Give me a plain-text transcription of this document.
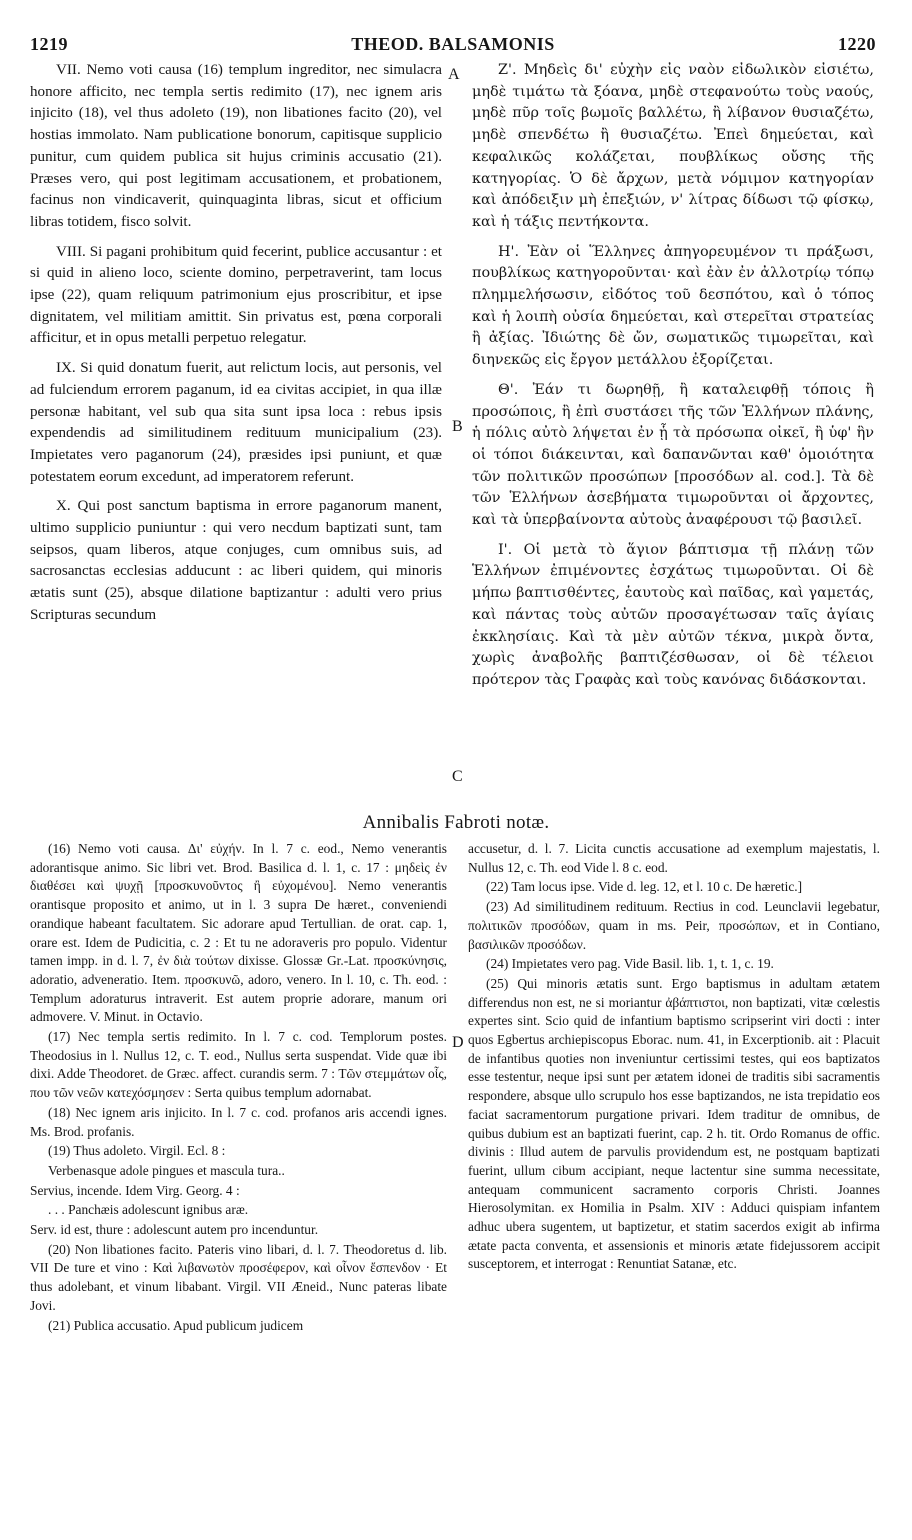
1219	THEOD. BALSAMONIS	1220

VII. Nemo voti causa (16) templum ingreditor, nec simulacra honore afficito, nec templa sertis redimito (17), nec ignem aris injicito (18), vel thus adoleto (19), non libationes facito (20), vel hostias immolato. Nam publicatione bonorum, capitisque supplicio punitur, cum quidem publica sit hujus criminis accusatio (21). Præses vero, qui post legitimam accusationem, et probationem, facinus non vindicaverit, quinquaginta libras, sicut et officium libras totidem, fisco solvit.

VIII. Si pagani prohibitum quid fecerint, publice accusantur : et si quid in alieno loco, sciente domino, perpetraverint, tam locus ipse (22), quam reliquum patrimonium ejus proscribitur, et ipse dignitatem, vel militiam amittit. Sin privatus est, pœna corporali afficitur, et in opus metalli perpetuo relegatur.

IX. Si quid donatum fuerit, aut relictum locis, aut personis, vel ad fulciendum errorem paganum, id ea civitas accipiet, in qua illæ personæ habitant, vel sub qua sita sunt ipsa loca : rebus ipsis expendendis ad similitudinem redituum municipalium (23). Impietates vero paganorum (24), præsides ipsi puniunt, et quæ potestatem eorum excedunt, ad imperatorem referunt.

X. Qui post sanctum baptisma in errore paganorum manent, ultimo supplicio puniuntur : qui vero necdum baptizati sunt, tam seipsos, quam liberos, atque conjuges, cum omnibus suis, ad sacrosanctas ecclesias adducunt : ac liberi quidem, qui minoris ætatis sunt (25), absque dilatione baptizantur : adulti vero prius Scripturas secundum

A
B
C
D

Ζ'. Μηδεὶς δι' εὐχὴν εἰς ναὸν εἰδωλικὸν εἰσιέτω, μηδὲ τιμάτω τὰ ξόανα, μηδὲ στεφανούτω τοὺς ναούς, μηδὲ πῦρ τοῖς βωμοῖς βαλλέτω, ἢ λίβανον θυσιαζέτω, μηδὲ σπενδέτω ἢ θυσιαζέτω. Ἐπεὶ δημεύεται, καὶ κεφαλικῶς κολάζεται, πουβλίκως οὔσης τῆς κατηγορίας. Ὁ δὲ ἄρχων, μετὰ νόμιμον κατηγορίαν καὶ ἀπόδειξιν μὴ ἐπεξιών, ν' λίτρας δίδωσι τῷ φίσκῳ, καὶ ἡ τάξις πεντήκοντα.

Η'. Ἐὰν οἱ Ἕλληνες ἀπηγορευμένον τι πράξωσι, πουβλίκως κατηγοροῦνται· καὶ ἐὰν ἐν ἀλλοτρίῳ τόπῳ πλημμελήσωσιν, εἰδότος τοῦ δεσπότου, καὶ ὁ τόπος καὶ ἡ λοιπὴ οὐσία δημεύεται, καὶ στερεῖται στρατείας ἢ ἀξίας. Ἰδιώτης δὲ ὤν, σωματικῶς τιμωρεῖται, καὶ διηνεκῶς εἰς ἔργον μετάλλου ἐξορίζεται.

Θ'. Ἐάν τι δωρηθῇ, ἢ καταλειφθῇ τόποις ἢ προσώποις, ἢ ἐπὶ συστάσει τῆς τῶν Ἑλλήνων πλάνης, ἡ πόλις αὐτὸ λήψεται ἐν ᾗ τὰ πρόσωπα οἰκεῖ, ἢ ὑφ' ἣν οἱ τόποι διάκεινται, καὶ δαπανῶνται καθ' ὁμοιότητα τῶν πολιτικῶν προσώπων [προσόδων al. cod.]. Τὰ δὲ τῶν Ἑλλήνων ἀσεβήματα τιμωροῦνται οἱ ἄρχοντες, καὶ τὰ ὑπερβαίνοντα αὐτοὺς ἀναφέρουσι τῷ βασιλεῖ.

Ι'. Οἱ μετὰ τὸ ἅγιον βάπτισμα τῇ πλάνῃ τῶν Ἑλλήνων ἐπιμένοντες ἐσχάτως τιμωροῦνται. Οἱ δὲ μήπω βαπτισθέντες, ἑαυτοὺς καὶ παῖδας, καὶ γαμετάς, καὶ πάντας τοὺς αὐτῶν προσαγέτωσαν ταῖς ἁγίαις ἐκκλησίαις. Καὶ τὰ μὲν αὐτῶν τέκνα, μικρὰ ὄντα, χωρὶς ἀναβολῆς βαπτιζέσθωσαν, οἱ δὲ τέλειοι πρότερον τὰς Γραφὰς καὶ τοὺς κανόνας διδάσκονται.

Annibalis Fabroti notæ.

(16) Nemo voti causa. Δι' εὐχήν. In l. 7 c. eod., Nemo venerantis adorantisque animo. Sic libri vet. Brod. Basilica d. l. 1, c. 17 : μηδεὶς ἐν διαθέσει καὶ ψυχῇ [προσκυνοῦντος ἢ εὐχομένου]. Nemo venerantis orantisque proposito et animo, ut in l. 3 supra De hæret., conveniendi orandique habeant facultatem. Sic adorare apud Tertullian. de orat. cap. 1, orare est. Idem de Pudicitia, c. 2 : Et tu ne adoraveris pro populo. Videntur tamen impp. in d. l. 7, ἐν διὰ τούτων dixisse. Glossæ Gr.-Lat. προσκύνησις, adoratio, adveneratio. Item. προσκυνῶ, adoro, venero. In l. 10, c. Th. eod. : Templum adoraturus intraverit. Est autem proprie adorare, manum ori admovere. V. Minut. in Octavio.

(17) Nec templa sertis redimito. In l. 7 c. cod. Templorum postes. Theodosius in l. Nullus 12, c. T. eod., Nullus serta suspendat. Vide quæ ibi dixi. Adde Theodoret. de Græc. affect. curandis serm. 7 : Τῶν στεμμάτων οἷς, που τῶν νεῶν κατεχόσμησεν : Serta quibus templum adornabat.

(18) Nec ignem aris injicito. In l. 7 c. cod. profanos aris accendi ignes. Ms. Brod. profanis.

(19) Thus adoleto. Virgil. Ecl. 8 :

Verbenasque adole pingues et mascula tura..

Servius, incende. Idem Virg. Georg. 4 :

. . . Panchæis adolescunt ignibus aræ.

Serv. id est, thure : adolescunt autem pro incenduntur.

(20) Non libationes facito. Pateris vino libari, d. l. 7. Theodoretus d. lib. VII De ture et vino : Καὶ λιβανωτὸν προσέφερον, καὶ οἶνον ἔσπενδον · Et thus adolebant, et vinum libabant. Virgil. VII Æneid., Nunc pateras libate Jovi.

(21) Publica accusatio. Apud publicum judicem

accusetur, d. l. 7. Licita cunctis accusatione ad exemplum majestatis, l. Nullus 12, c. Th. eod Vide l. 8 c. eod.

(22) Tam locus ipse. Vide d. leg. 12, et l. 10 c. De hæretic.]

(23) Ad similitudinem redituum. Rectius in cod. Leunclavii legebatur, πολιτικῶν προσόδων, quam in ms. Peir, προσώπων, et in Contiano, βασιλικῶν προσόδων.

(24) Impietates vero pag. Vide Basil. lib. 1, t. 1, c. 19.

(25) Qui minoris ætatis sunt. Ergo baptismus in adultam ætatem differendus non est, ne si moriantur ἀβάπτιστοι, non baptizati, vitæ cœlestis expertes sint. Scio quid de infantium baptismo scripserint viri docti : inter quos Egbertus archiepiscopus Eborac. num. 41, in Excerptionib. ait : Placuit de infantibus quoties non inveniuntur certissimi testes, qui eos baptizatos esse testentur, neque ipsi sunt per ætatem idonei de traditis sibi sacramentis respondere, absque ullo scrupulo hos esse baptizandos, ne ista trepidatio eos faciat sacramentorum purgatione privari. Idem traditur de omnibus, de quibus dubium est an baptizati fuerint, cap. 2 h. tit. Ordo Romanus de offic. divinis : Illud autem de parvulis providendum est, ne postquam baptizati fuerint, ullum cibum accipiant, neque lactentur sine summa necessitate, antequam communicent sacramento corporis Christi. Joannes Hierosolymitan. ex Homilia in Psalm. XIV : Adduci quispiam infantem adhuc ubera sugentem, ut baptizetur, et statim sacerdos exigit ab infirma ætate pacta conventa, et assensionis et minoris ætate fidejussorem accipit susceptorem, et interrogat : Renuntiat Satanæ, etc.
